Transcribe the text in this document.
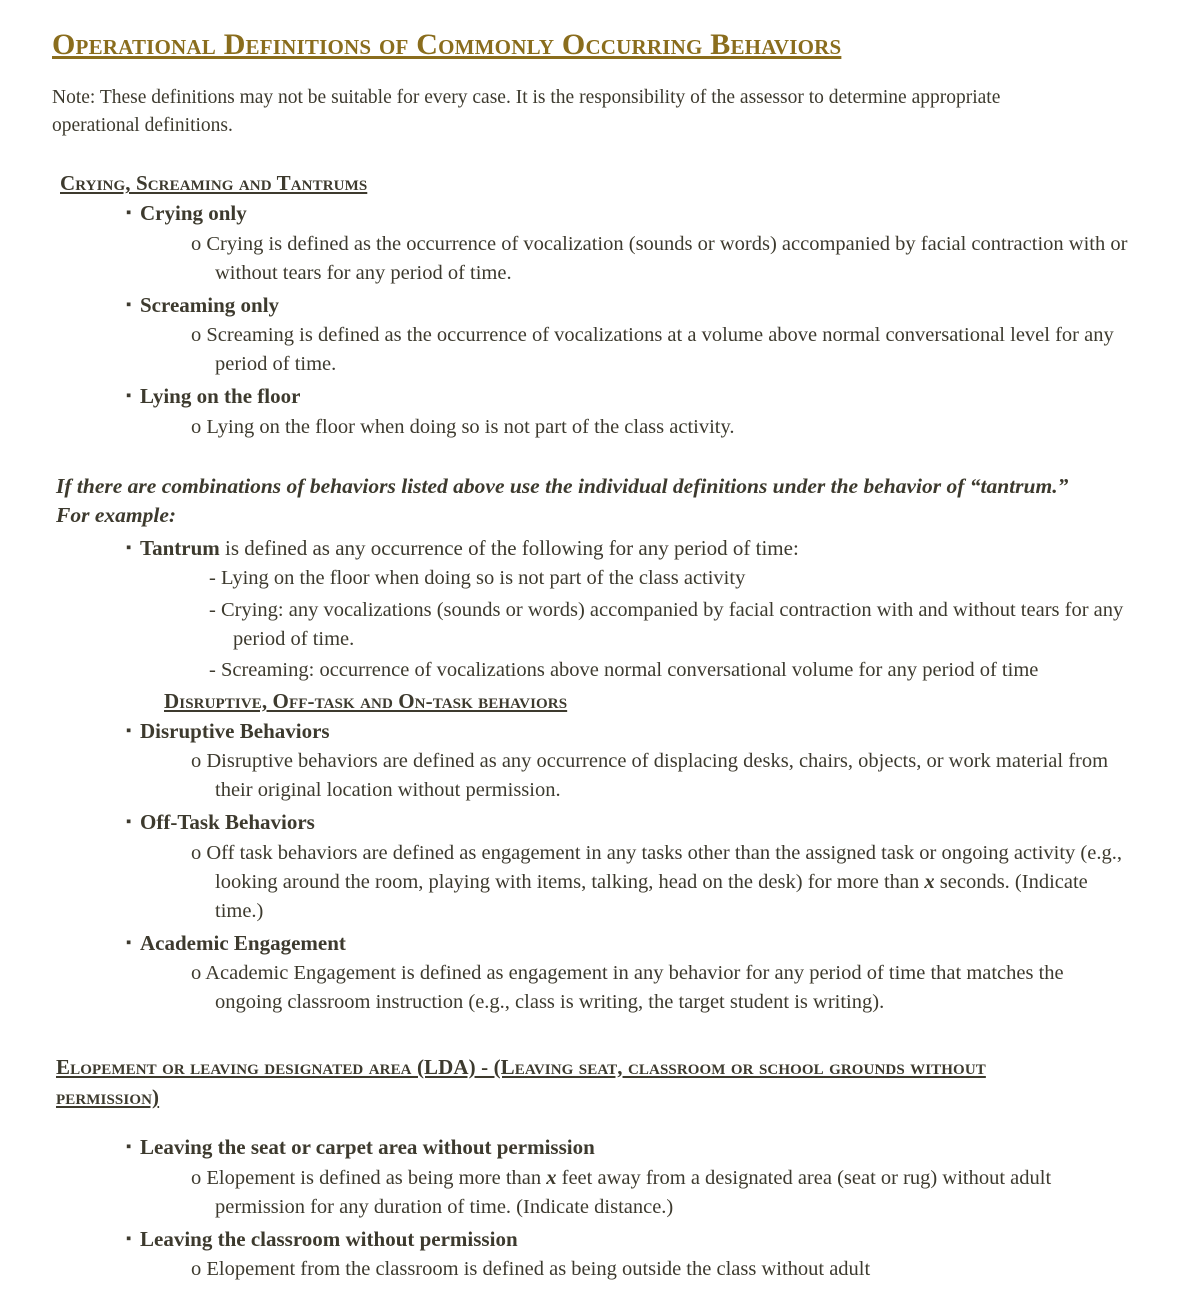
Operational Definitions of Commonly Occurring Behaviors

Note: These definitions may not be suitable for every case. It is the responsibility of the assessor to determine appropriate operational definitions.

Crying, Screaming and Tantrums
▪ Crying only
o Crying is defined as the occurrence of vocalization (sounds or words) accompanied by facial contraction with or without tears for any period of time.
▪ Screaming only
o Screaming is defined as the occurrence of vocalizations at a volume above normal conversational level for any period of time.
▪ Lying on the floor
o Lying on the floor when doing so is not part of the class activity.

If there are combinations of behaviors listed above use the individual definitions under the behavior of “tantrum.” For example:

▪ Tantrum is defined as any occurrence of the following for any period of time:
- Lying on the floor when doing so is not part of the class activity
- Crying: any vocalizations (sounds or words) accompanied by facial contraction with and without tears for any period of time.
- Screaming: occurrence of vocalizations above normal conversational volume for any period of time
Disruptive, Off-task and On-task behaviors
▪ Disruptive Behaviors
o Disruptive behaviors are defined as any occurrence of displacing desks, chairs, objects, or work material from their original location without permission.
▪ Off-Task Behaviors
o Off task behaviors are defined as engagement in any tasks other than the assigned task or ongoing activity (e.g., looking around the room, playing with items, talking, head on the desk) for more than x seconds. (Indicate time.)
▪ Academic Engagement
o Academic Engagement is defined as engagement in any behavior for any period of time that matches the ongoing classroom instruction (e.g., class is writing, the target student is writing).
Elopement or leaving designated area (LDA) - (Leaving seat, classroom or school grounds without permission)
▪ Leaving the seat or carpet area without permission
o Elopement is defined as being more than x feet away from a designated area (seat or rug) without adult permission for any duration of time. (Indicate distance.)
▪ Leaving the classroom without permission
o Elopement from the classroom is defined as being outside the class without adult
